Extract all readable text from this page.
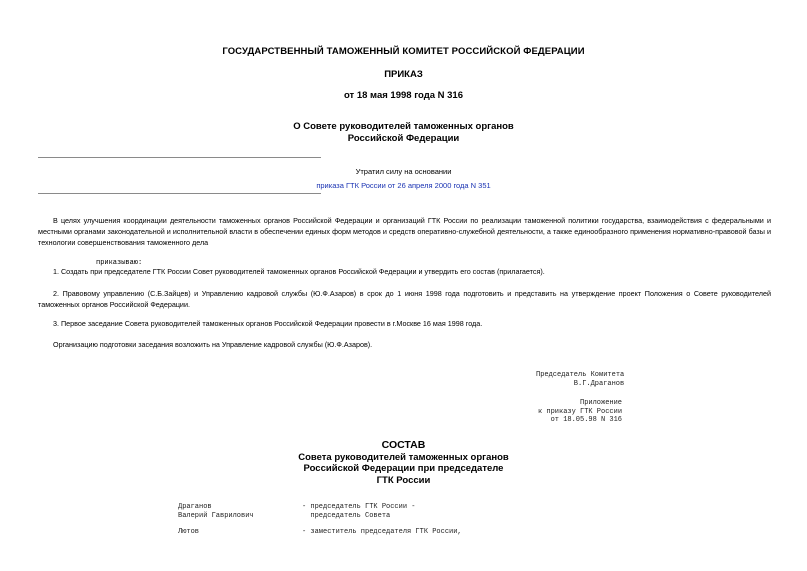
ГОСУДАРСТВЕННЫЙ ТАМОЖЕННЫЙ КОМИТЕТ РОССИЙСКОЙ ФЕДЕРАЦИИ
ПРИКАЗ
от 18 мая 1998 года N 316
О Совете руководителей таможенных органов
Российской Федерации
Утратил силу на основании
приказа ГТК России от 26 апреля 2000 года N 351
В целях улучшения координации деятельности таможенных органов Российской Федерации и организаций ГТК России по реализации таможенной политики государства, взаимодействия с федеральными и местными органами законодательной и исполнительной власти в обеспечении единых форм методов и средств оперативно-служебной деятельности, а также единообразного применения нормативно-правовой базы и технологии совершенствования таможенного дела
приказываю:
1. Создать при председателе ГТК России Совет руководителей таможенных органов Российской Федерации и утвердить его состав (прилагается).
2. Правовому управлению (С.Б.Зайцев) и Управлению кадровой службы (Ю.Ф.Азаров) в срок до 1 июня 1998 года подготовить и представить на утверждение проект Положения о Совете руководителей таможенных органов Российской Федерации.
3. Первое заседание Совета руководителей таможенных органов Российской Федерации провести в г.Москве 16 мая 1998 года.
Организацию подготовки заседания возложить на Управление кадровой службы (Ю.Ф.Азаров).
Председатель Комитета
В.Г.Драганов
Приложение
к приказу ГТК России
от 18.05.98 N 316
СОСТАВ
Совета руководителей таможенных органов
Российской Федерации при председателе
ГТК России
Драганов
Валерий Гаврилович
- председатель ГТК России -
председатель Совета
Лютов	- заместитель председателя ГТК России,
